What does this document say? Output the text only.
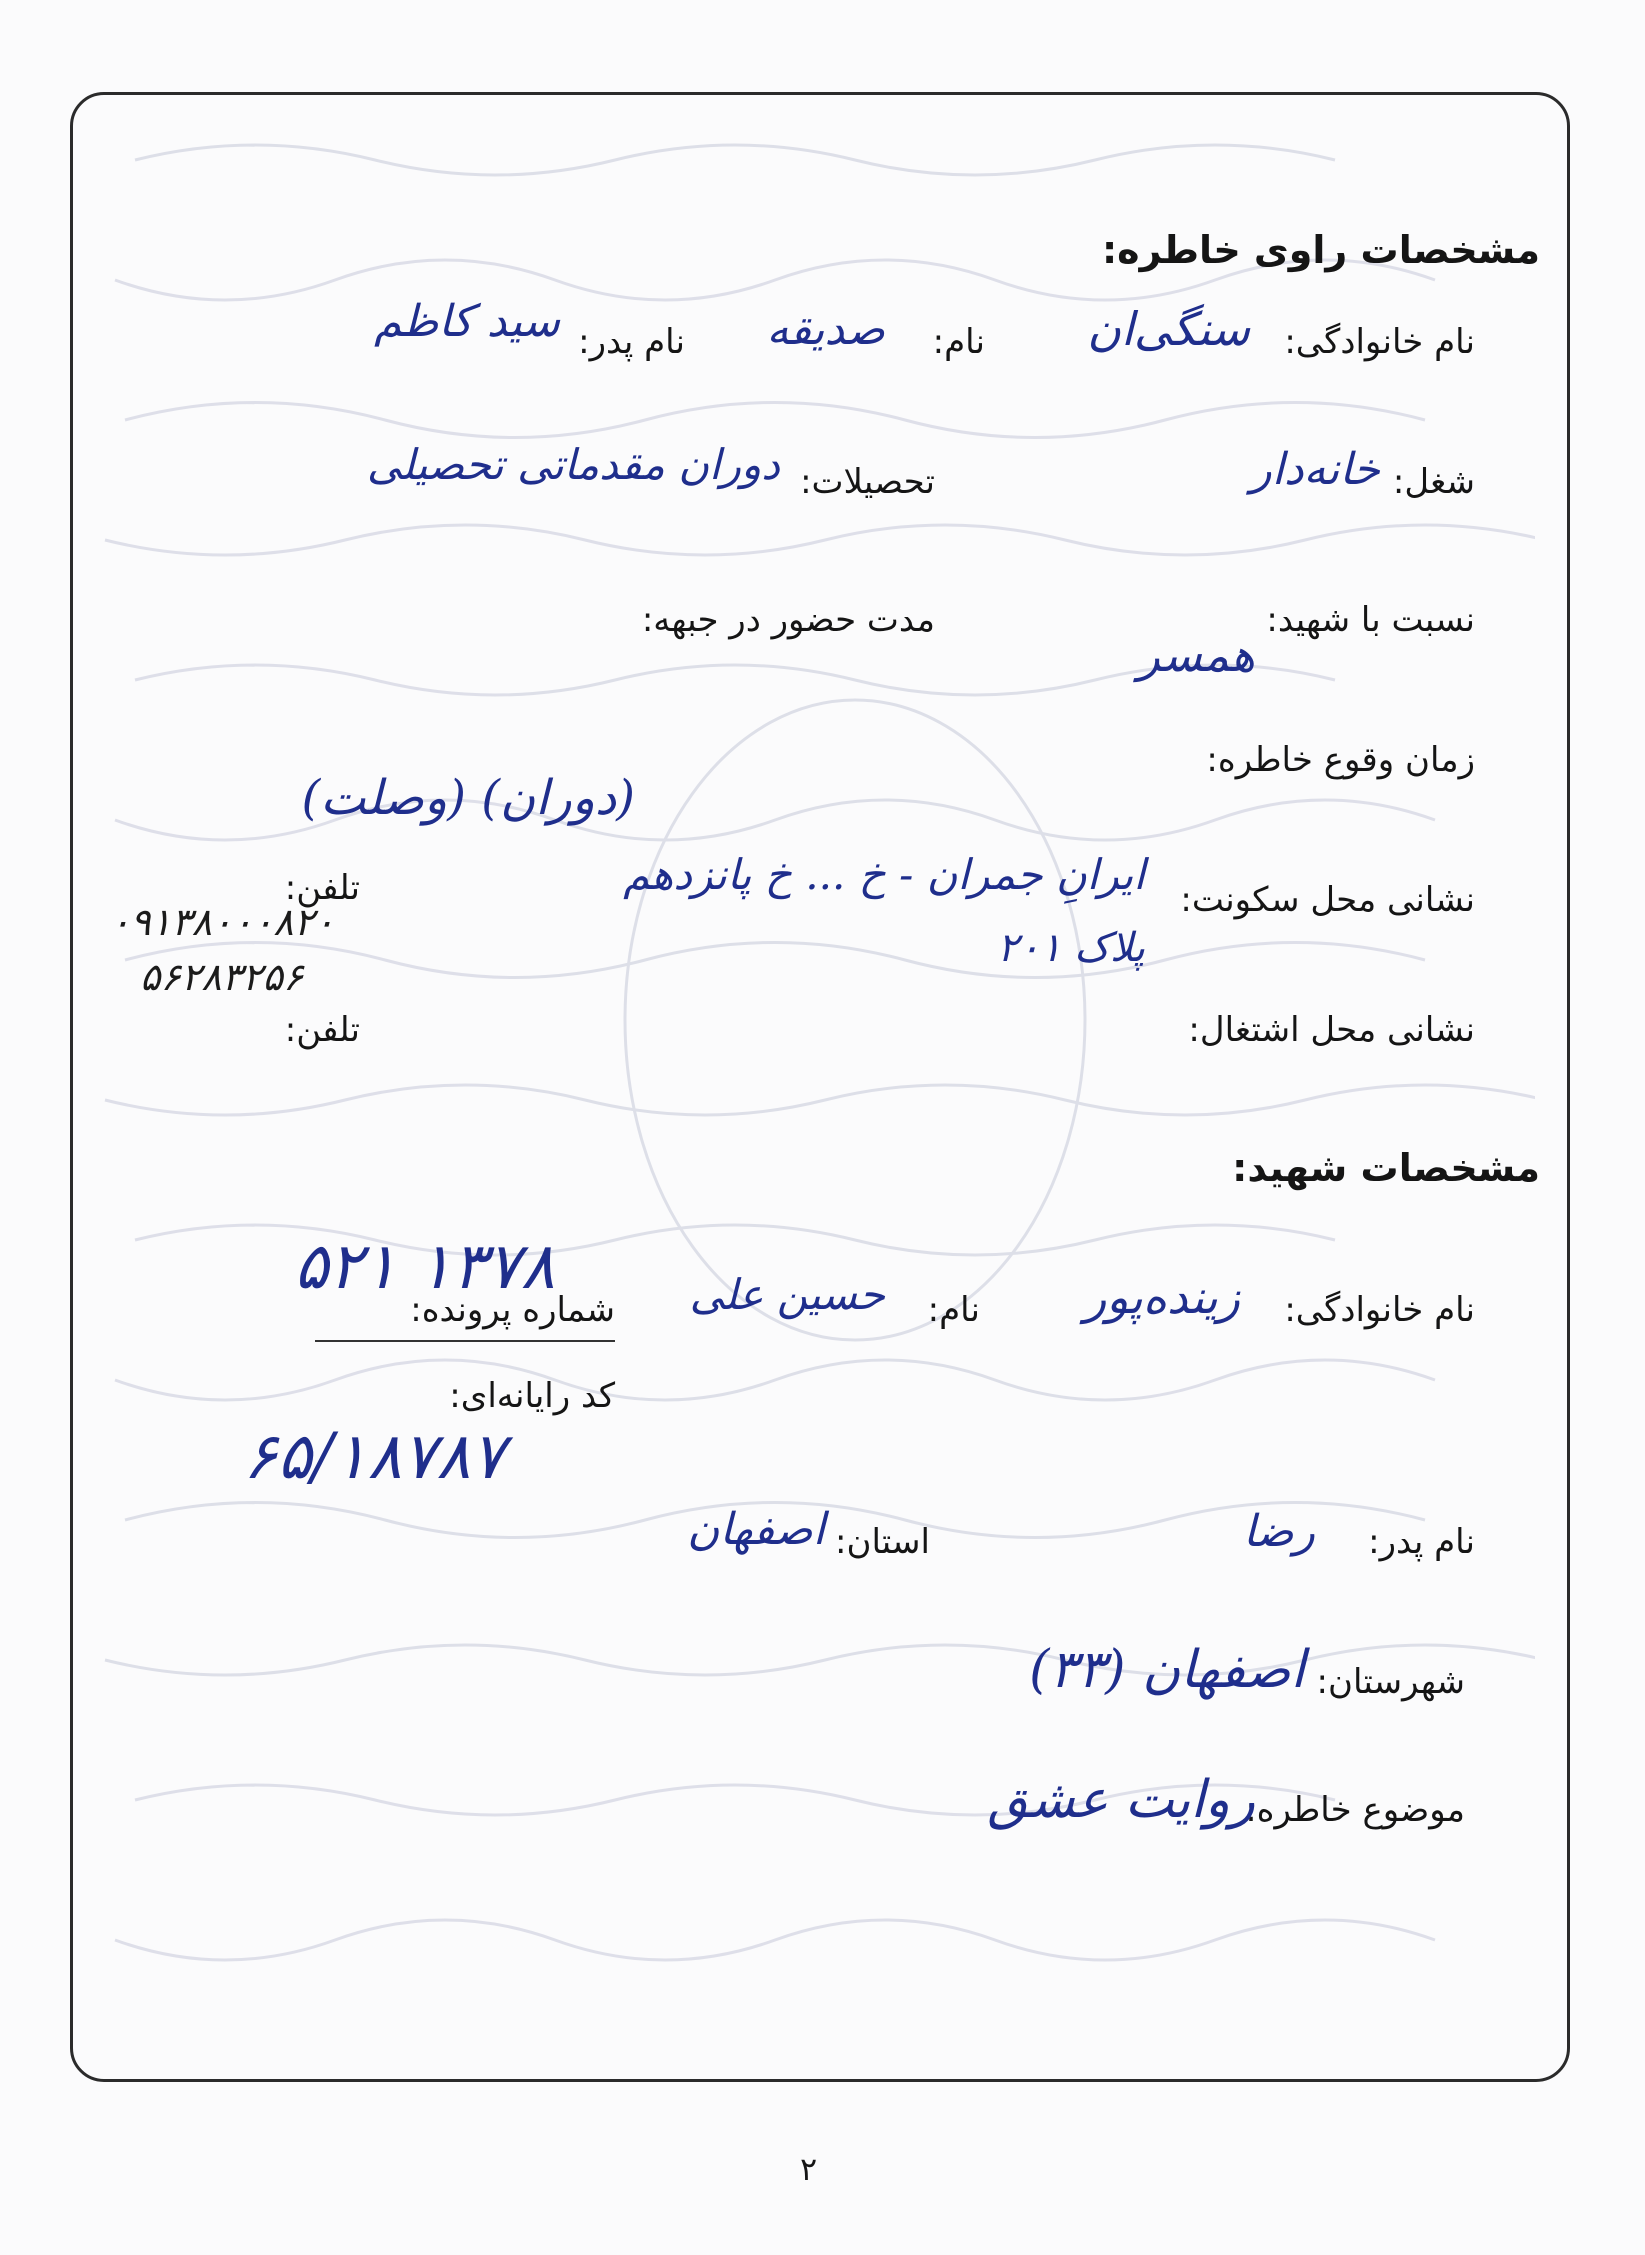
مشخصات راوی خاطره:
نام خانوادگی:
سنگی‌ان
نام:
صدیقه
نام پدر:
سید کاظم
شغل:
خانه‌دار
تحصیلات:
دوران مقدماتی تحصیلی
نسبت با شهید:
همسر
مدت حضور در جبهه:
زمان وقوع خاطره:
(دوران) (وصلت)
نشانی محل سکونت:
ایرانِ جمران - خ ... خ پانزدهم
پلاک ۲۰۱
تلفن:
۰۹۱۳۸۰۰۰۸۲۰
۵۶۲۸۳۲۵۶
نشانی محل اشتغال:
تلفن:
مشخصات شهید:
نام خانوادگی:
زینده‌پور
نام:
حسین علی
شماره پرونده:
۱۳۷۸ ۵۲۱
کد رایانه‌ای:
۶۵/۱۸۷۸۷
نام پدر:
رضا
استان:
اصفهان
شهرستان:
اصفهان (۳۳)
موضوع خاطره:
روایت عشق
۲
